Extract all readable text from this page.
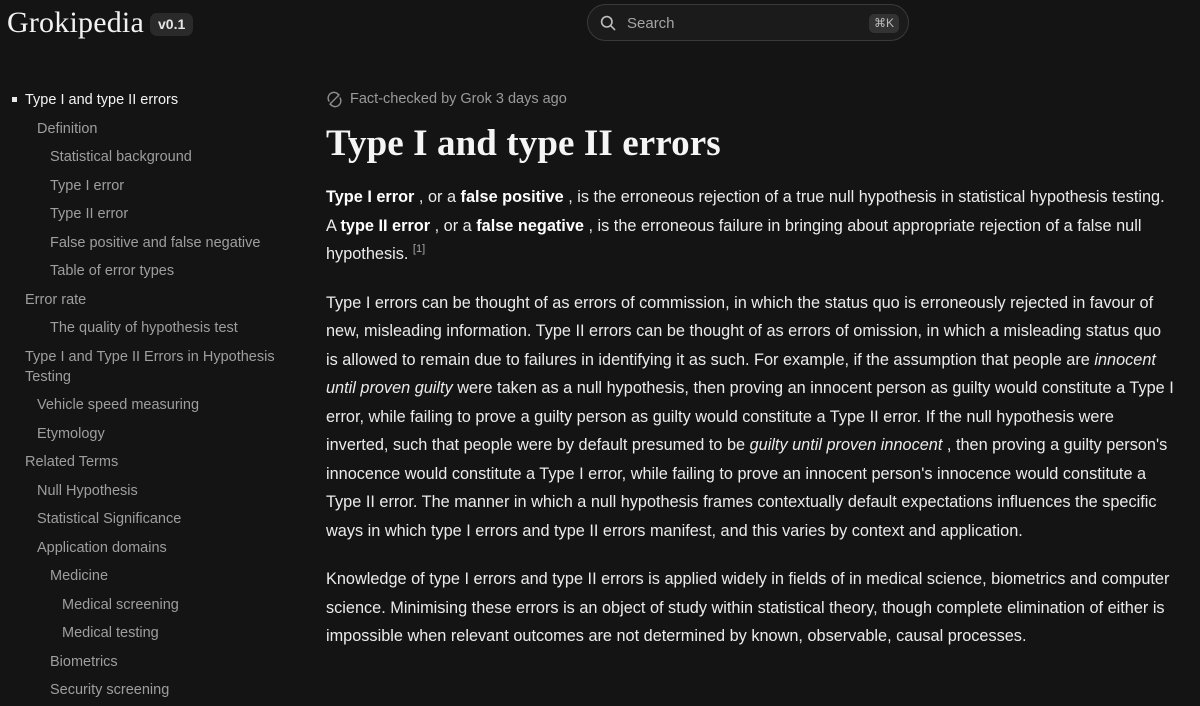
Grokipedia	v0.1
Search	⌘K
Type I and type II errors
Definition
Statistical background
Type I error
Type II error
False positive and false negative
Table of error types
Error rate
The quality of hypothesis test
Type I and Type II Errors in Hypothesis Testing
Vehicle speed measuring
Etymology
Related Terms
Null Hypothesis
Statistical Significance
Application domains
Medicine
Medical screening
Medical testing
Biometrics
Security screening
Fact-checked by Grok 3 days ago
Type I and type II errors

Type I error , or a false positive , is the erroneous rejection of a true null hypothesis in statistical hypothesis testing. A type II error , or a false negative , is the erroneous failure in bringing about appropriate rejection of a false null hypothesis. [1]

Type I errors can be thought of as errors of commission, in which the status quo is erroneously rejected in favour of new, misleading information. Type II errors can be thought of as errors of omission, in which a misleading status quo is allowed to remain due to failures in identifying it as such. For example, if the assumption that people are innocent until proven guilty were taken as a null hypothesis, then proving an innocent person as guilty would constitute a Type I error, while failing to prove a guilty person as guilty would constitute a Type II error. If the null hypothesis were inverted, such that people were by default presumed to be guilty until proven innocent , then proving a guilty person's innocence would constitute a Type I error, while failing to prove an innocent person's innocence would constitute a Type II error. The manner in which a null hypothesis frames contextually default expectations influences the specific ways in which type I errors and type II errors manifest, and this varies by context and application.

Knowledge of type I errors and type II errors is applied widely in fields of in medical science, biometrics and computer science. Minimising these errors is an object of study within statistical theory, though complete elimination of either is impossible when relevant outcomes are not determined by known, observable, causal processes.
